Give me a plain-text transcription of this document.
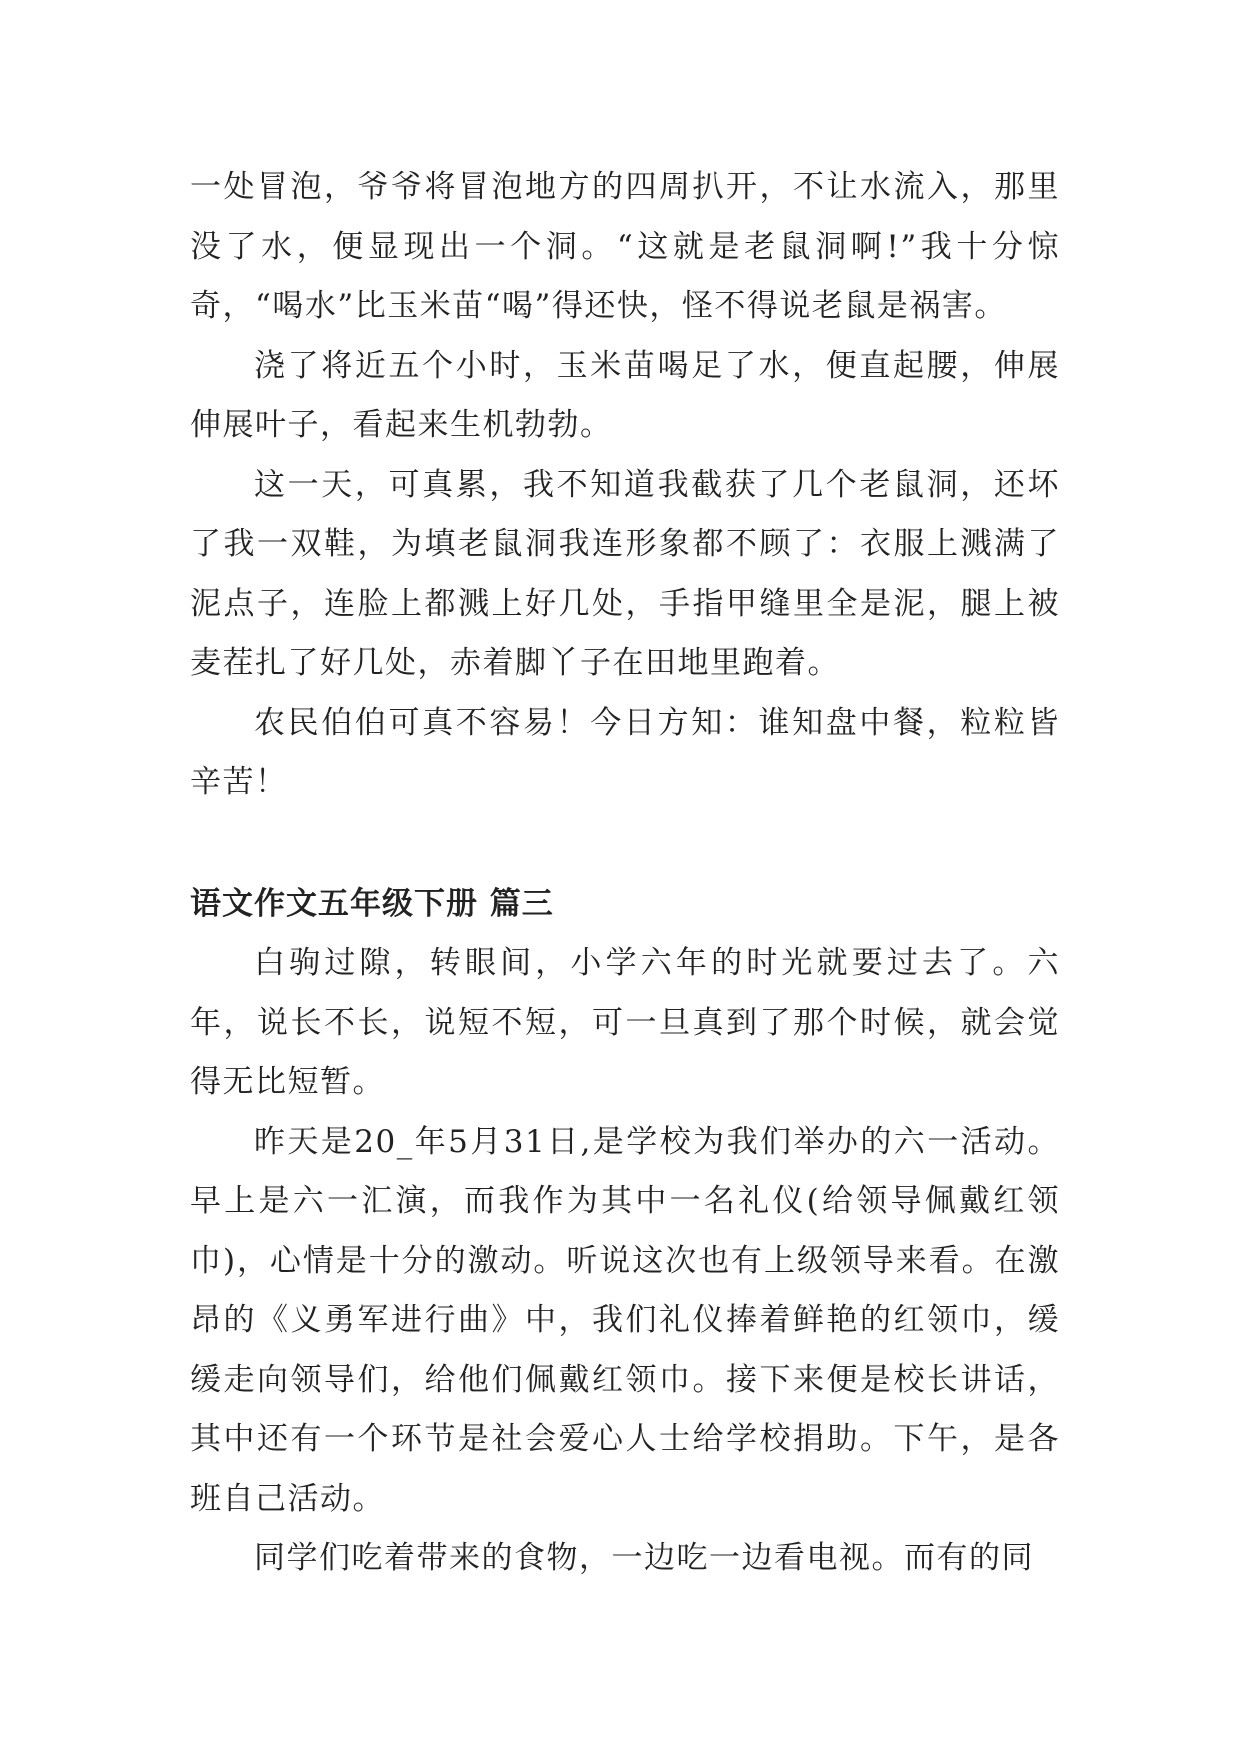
一处冒泡，爷爷将冒泡地方的四周扒开，不让水流入，那里没了水，便显现出一个洞。“这就是老鼠洞啊!”我十分惊奇，“喝水”比玉米苗“喝”得还快，怪不得说老鼠是祸害。

浇了将近五个小时，玉米苗喝足了水，便直起腰，伸展伸展叶子，看起来生机勃勃。

这一天，可真累，我不知道我截获了几个老鼠洞，还坏了我一双鞋，为填老鼠洞我连形象都不顾了：衣服上溅满了泥点子，连脸上都溅上好几处，手指甲缝里全是泥，腿上被麦茬扎了好几处，赤着脚丫子在田地里跑着。

农民伯伯可真不容易！今日方知：谁知盘中餐，粒粒皆辛苦！

语文作文五年级下册 篇三

白驹过隙，转眼间，小学六年的时光就要过去了。六年，说长不长，说短不短，可一旦真到了那个时候，就会觉得无比短暂。

昨天是20_年5月31日,是学校为我们举办的六一活动。早上是六一汇演，而我作为其中一名礼仪(给领导佩戴红领巾)，心情是十分的激动。听说这次也有上级领导来看。在激昂的《义勇军进行曲》中，我们礼仪捧着鲜艳的红领巾，缓缓走向领导们，给他们佩戴红领巾。接下来便是校长讲话，其中还有一个环节是社会爱心人士给学校捐助。下午，是各班自己活动。

同学们吃着带来的食物，一边吃一边看电视。而有的同
